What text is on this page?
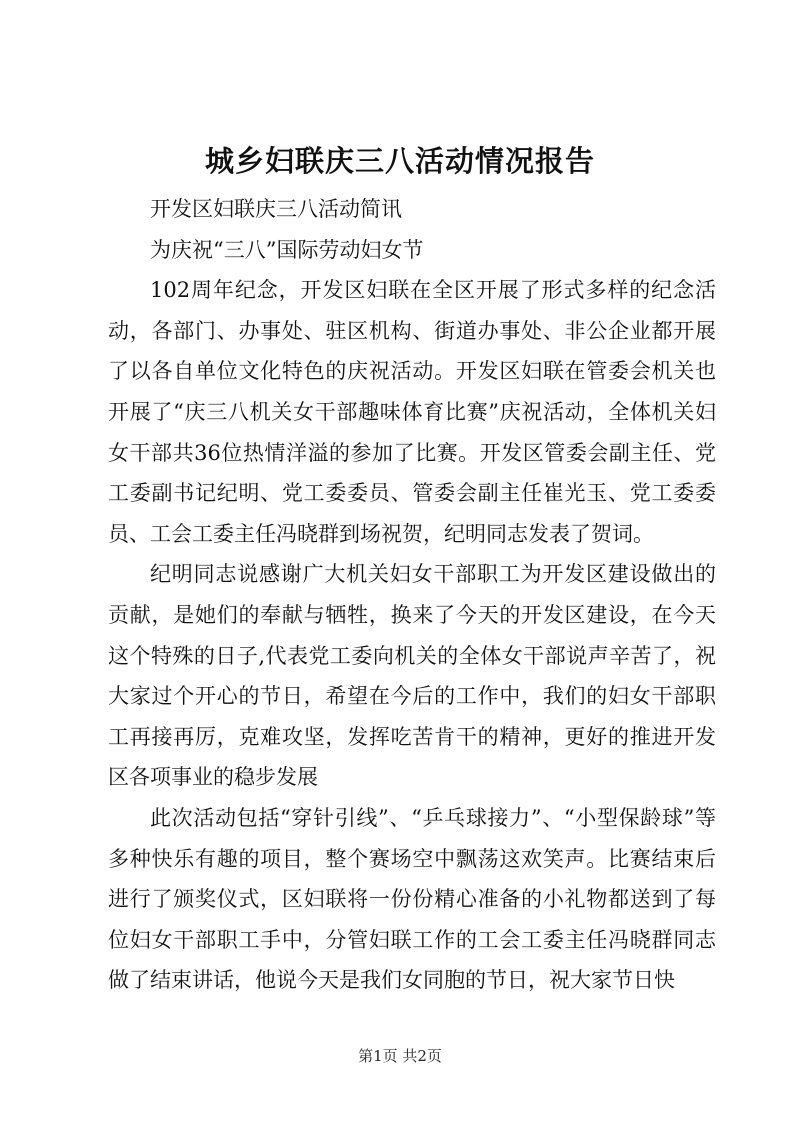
城乡妇联庆三八活动情况报告

开发区妇联庆三八活动简讯

为庆祝“三八”国际劳动妇女节

102周年纪念，开发区妇联在全区开展了形式多样的纪念活动，各部门、办事处、驻区机构、街道办事处、非公企业都开展了以各自单位文化特色的庆祝活动。开发区妇联在管委会机关也开展了“庆三八机关女干部趣味体育比赛”庆祝活动，全体机关妇女干部共36位热情洋溢的参加了比赛。开发区管委会副主任、党工委副书记纪明、党工委委员、管委会副主任崔光玉、党工委委员、工会工委主任冯晓群到场祝贺，纪明同志发表了贺词。

纪明同志说感谢广大机关妇女干部职工为开发区建设做出的贡献，是她们的奉献与牺牲，换来了今天的开发区建设，在今天这个特殊的日子,代表党工委向机关的全体女干部说声辛苦了，祝大家过个开心的节日，希望在今后的工作中，我们的妇女干部职工再接再厉，克难攻坚，发挥吃苦肯干的精神，更好的推进开发区各项事业的稳步发展

此次活动包括“穿针引线”、“乒乓球接力”、“小型保龄球”等多种快乐有趣的项目，整个赛场空中飘荡这欢笑声。比赛结束后进行了颁奖仪式，区妇联将一份份精心准备的小礼物都送到了每位妇女干部职工手中，分管妇联工作的工会工委主任冯晓群同志做了结束讲话，他说今天是我们女同胞的节日，祝大家节日快

第1页 共2页
